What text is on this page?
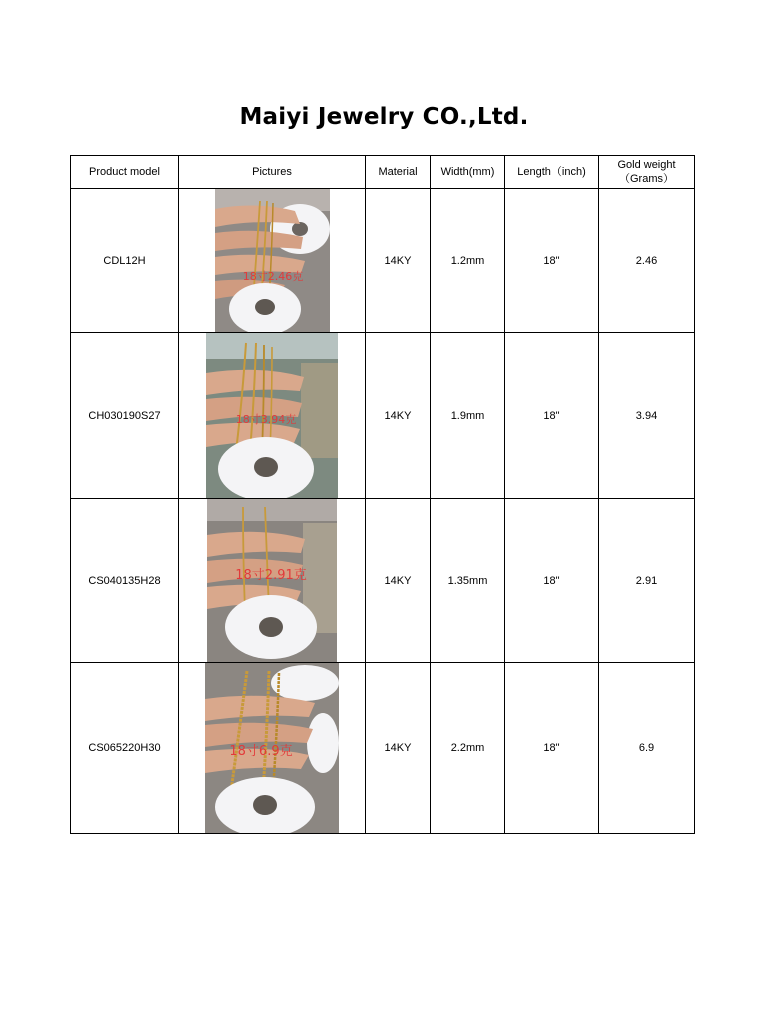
Maiyi Jewelry CO.,Ltd.
Product model	Pictures	Material	Width(mm)	Length（inch)	Gold weight（Grams）
CDL12H	18寸2.46克	14KY	1.2mm	18"	2.46
CH030190S27	18寸3.94克	14KY	1.9mm	18"	3.94
CS040135H28	18寸2.91克	14KY	1.35mm	18"	2.91
CS065220H30	18寸6.9克	14KY	2.2mm	18"	6.9
